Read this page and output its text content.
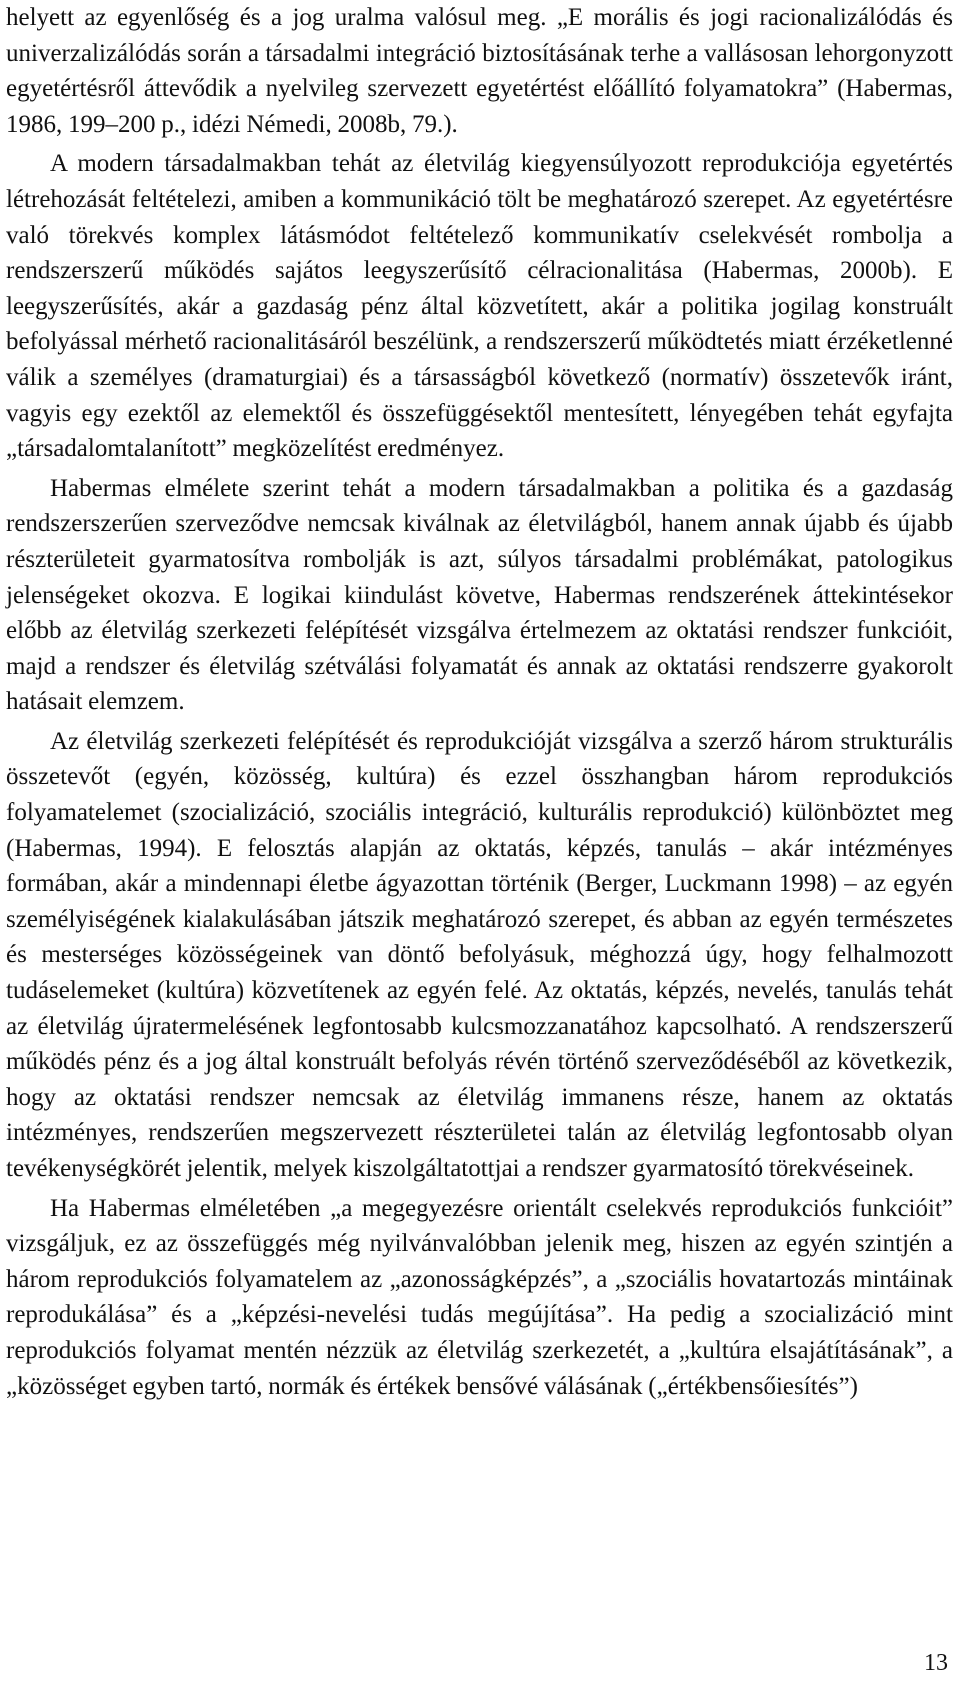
helyett az egyenlőség és a jog uralma valósul meg. „E morális és jogi racionalizálódás és univerzalizálódás során a társadalmi integráció biztosításának terhe a vallásosan lehorgonyzott egyetértésről áttevődik a nyelvileg szervezett egyetértést előállító folyamatokra” (Habermas, 1986, 199–200 p., idézi Némedi, 2008b, 79.).

A modern társadalmakban tehát az életvilág kiegyensúlyozott reprodukciója egyetértés létrehozását feltételezi, amiben a kommunikáció tölt be meghatározó szerepet. Az egyetértésre való törekvés komplex látásmódot feltételező kommunikatív cselekvését rombolja a rendszerszerű működés sajátos leegyszerűsítő célracionalitása (Habermas, 2000b). E leegyszerűsítés, akár a gazdaság pénz által közvetített, akár a politika jogilag konstruált befolyással mérhető racionalitásáról beszélünk, a rendszerszerű működtetés miatt érzéketlenné válik a személyes (dramaturgiai) és a társasságból következő (normatív) összetevők iránt, vagyis egy ezektől az elemektől és összefüggésektől mentesített, lényegében tehát egyfajta „társadalomtalanított” megközelítést eredményez.

Habermas elmélete szerint tehát a modern társadalmakban a politika és a gazdaság rendszerszerűen szerveződve nemcsak kiválnak az életvilágból, hanem annak újabb és újabb részterületeit gyarmatosítva rombolják is azt, súlyos társadalmi problémákat, patologikus jelenségeket okozva. E logikai kiindulást követve, Habermas rendszerének áttekintésekor előbb az életvilág szerkezeti felépítését vizsgálva értelmezem az oktatási rendszer funkcióit, majd a rendszer és életvilág szétválási folyamatát és annak az oktatási rendszerre gyakorolt hatásait elemzem.

Az életvilág szerkezeti felépítését és reprodukcióját vizsgálva a szerző három strukturális összetevőt (egyén, közösség, kultúra) és ezzel összhangban három reprodukciós folyamatelemet (szocializáció, szociális integráció, kulturális reprodukció) különböztet meg (Habermas, 1994). E felosztás alapján az oktatás, képzés, tanulás – akár intézményes formában, akár a mindennapi életbe ágyazottan történik (Berger, Luckmann 1998) – az egyén személyiségének kialakulásában játszik meghatározó szerepet, és abban az egyén természetes és mesterséges közösségeinek van döntő befolyásuk, méghozzá úgy, hogy felhalmozott tudáselemeket (kultúra) közvetítenek az egyén felé. Az oktatás, képzés, nevelés, tanulás tehát az életvilág újratermelésének legfontosabb kulcsmozzanatához kapcsolható. A rendszerszerű működés pénz és a jog által konstruált befolyás révén történő szerveződéséből az következik, hogy az oktatási rendszer nemcsak az életvilág immanens része, hanem az oktatás intézményes, rendszerűen megszervezett részterületei talán az életvilág legfontosabb olyan tevékenységkörét jelentik, melyek kiszolgáltatottjai a rendszer gyarmatosító törekvéseinek.

Ha Habermas elméletében „a megegyezésre orientált cselekvés reprodukciós funkcióit” vizsgáljuk, ez az összefüggés még nyilvánvalóbban jelenik meg, hiszen az egyén szintjén a három reprodukciós folyamatelem az „azonosságképzés”, a „szociális hovatartozás mintáinak reprodukálása” és a „képzési-nevelési tudás megújítása”. Ha pedig a szocializáció mint reprodukciós folyamat mentén nézzük az életvilág szerkezetét, a „kultúra elsajátításának”, a „közösséget egyben tartó, normák és értékek bensővé válásának („értékbensőiesítés”)

13
